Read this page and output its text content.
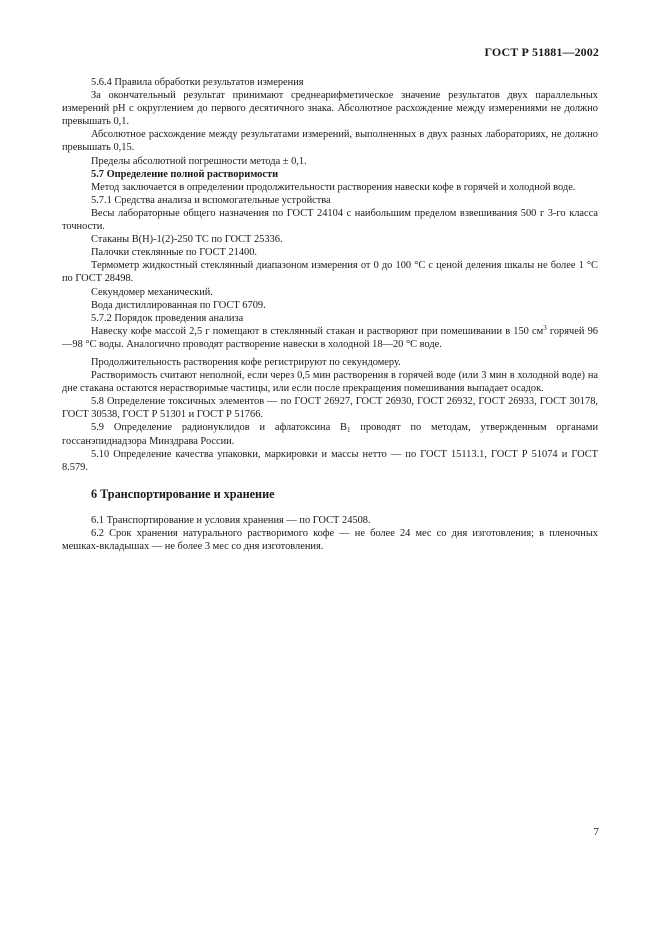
ГОСТ Р 51881—2002

5.6.4 Правила обработки результатов измерения

За окончательный результат принимают среднеарифметическое значение результатов двух параллельных измерений pH с округлением до первого десятичного знака. Абсолютное расхождение между измерениями не должно превышать 0,1.

Абсолютное расхождение между результатами измерений, выполненных в двух разных лабораториях, не должно превышать 0,15.

Пределы абсолютной погрешности метода ± 0,1.

5.7 Определение полной растворимости

Метод заключается в определении продолжительности растворения навески кофе в горячей и холодной воде.

5.7.1 Средства анализа и вспомогательные устройства

Весы лабораторные общего назначения по ГОСТ 24104 с наибольшим пределом взвешивания 500 г 3-го класса точности.

Стаканы В(Н)-1(2)-250 ТС по ГОСТ 25336.

Палочки стеклянные по ГОСТ 21400.

Термометр жидкостный стеклянный диапазоном измерения от 0 до 100 °С с ценой деления шкалы не более 1 °С по ГОСТ 28498.

Секундомер механический.

Вода дистиллированная по ГОСТ 6709.

5.7.2 Порядок проведения анализа

Навеску кофе массой 2,5 г помещают в стеклянный стакан и растворяют при помешивании в 150 $см^3$ горячей 96—98 °С воды. Аналогично проводят растворение навески в холодной 18—20 °С воде.

Продолжительность растворения кофе регистрируют по секундомеру.

Растворимость считают неполной, если через 0,5 мин растворения в горячей воде (или 3 мин в холодной воде) на дне стакана остаются нерастворимые частицы, или если после прекращения помешивания выпадает осадок.

5.8 Определение токсичных элементов — по ГОСТ 26927, ГОСТ 26930, ГОСТ 26932, ГОСТ 26933, ГОСТ 30178, ГОСТ 30538, ГОСТ Р 51301 и ГОСТ Р 51766.

5.9 Определение радионуклидов и афлатоксина $В_1$ проводят по методам, утвержденным органами госсанэпиднадзора Минздрава России.

5.10 Определение качества упаковки, маркировки и массы нетто — по ГОСТ 15113.1, ГОСТ Р 51074 и ГОСТ 8.579.

6 Транспортирование и хранение

6.1 Транспортирование и условия хранения — по ГОСТ 24508.

6.2 Срок хранения натурального растворимого кофе — не более 24 мес со дня изготовления; в пленочных мешках-вкладышах — не более 3 мес со дня изготовления.

7
